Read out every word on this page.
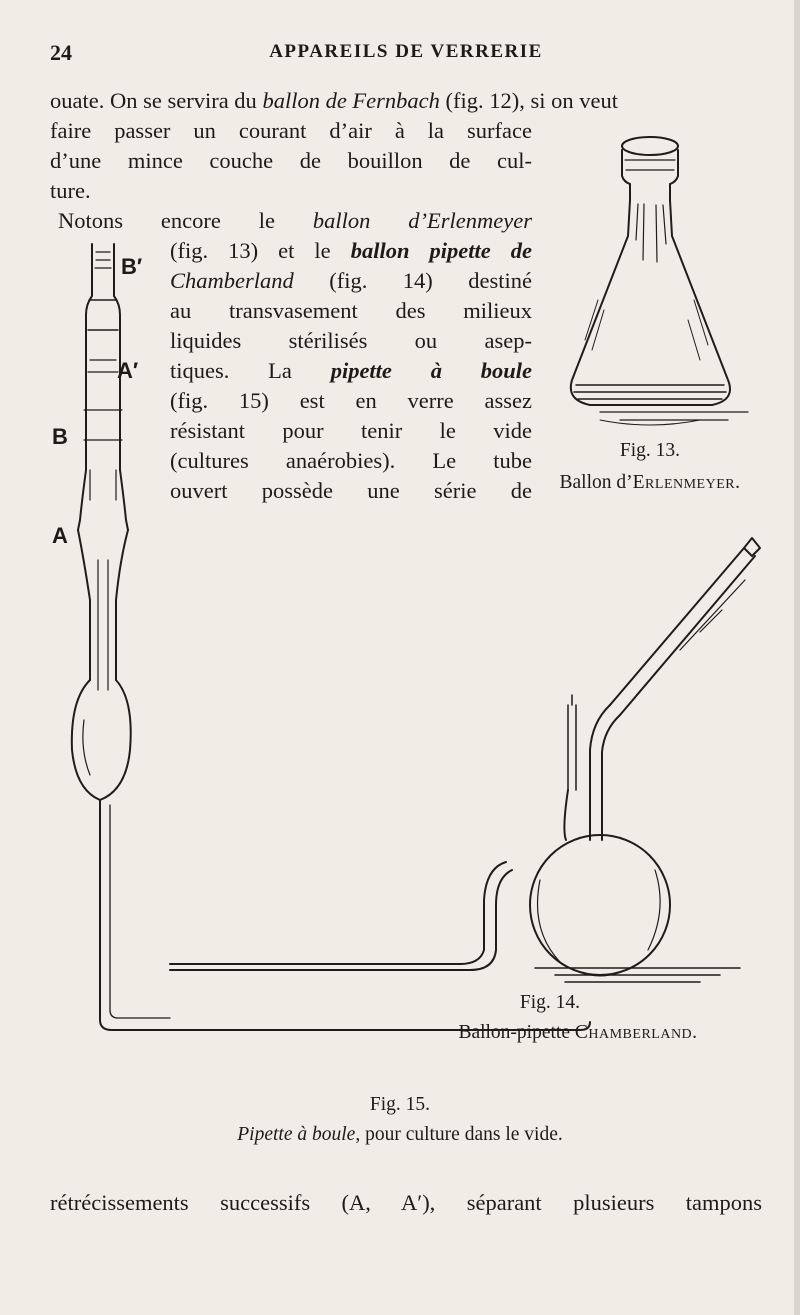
24	APPAREILS DE VERRERIE
ouate. On se servira du ballon de Fernbach (fig. 12), si on veut
faire passer un courant d’air à la surface
d’une mince couche de bouillon de cul-
ture.
Notons encore le ballon d’Erlenmeyer
(fig. 13) et le ballon pipette de
Chamberland (fig. 14) destiné
au transvasement des milieux
liquides stérilisés ou asep-
tiques. La pipette à boule
(fig. 15) est en verre assez
résistant pour tenir le vide
(cultures anaérobies). Le tube
ouvert possède une série de
B′
A′
B
A
Fig. 13.
Ballon d’Erlenmeyer.
Fig. 14.
Ballon-pipette Chamberland.
Fig. 15.
Pipette à boule, pour culture dans le vide.
rétrécissements successifs (A, A′), séparant plusieurs tampons
